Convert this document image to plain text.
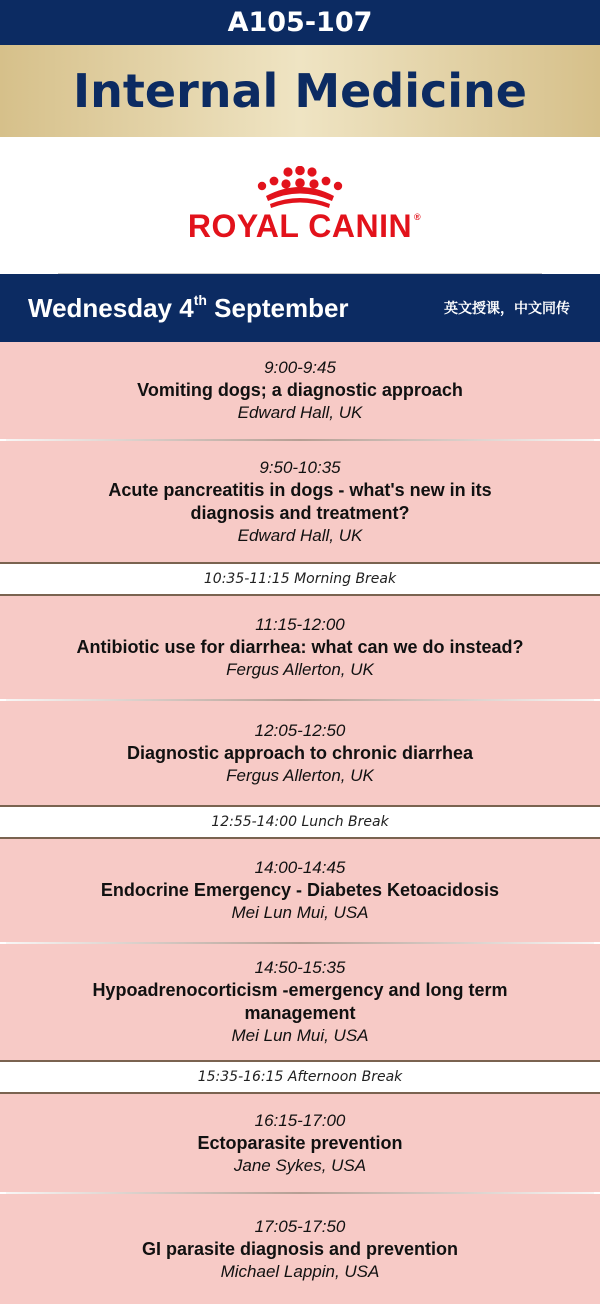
A105-107
Internal Medicine
ROYAL CANIN ®
Wednesday 4th September	英文授课，中文同传
9:00-9:45
Vomiting dogs; a diagnostic approach
Edward Hall, UK
9:50-10:35
Acute pancreatitis in dogs - what's new in its
diagnosis and treatment?
Edward Hall, UK
10:35-11:15 Morning Break
11:15-12:00
Antibiotic use for diarrhea: what can we do instead?
Fergus Allerton, UK
12:05-12:50
Diagnostic approach to chronic diarrhea
Fergus Allerton, UK
12:55-14:00 Lunch Break
14:00-14:45
Endocrine Emergency - Diabetes Ketoacidosis
Mei Lun Mui, USA
14:50-15:35
Hypoadrenocorticism -emergency and long term
management
Mei Lun Mui, USA
15:35-16:15 Afternoon Break
16:15-17:00
Ectoparasite prevention
Jane Sykes, USA
17:05-17:50
GI parasite diagnosis and prevention
Michael Lappin, USA
